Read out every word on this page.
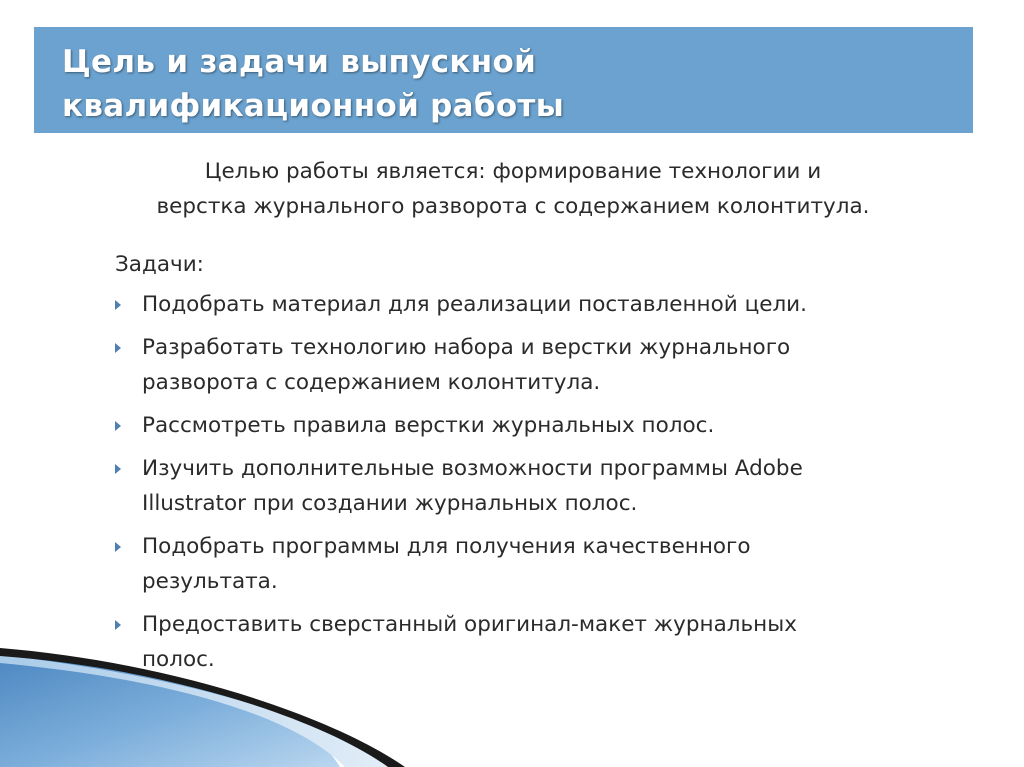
Цель и задачи выпускной
квалификационной работы
Целью работы является: формирование технологии и
верстка журнального разворота с содержанием колонтитула.
Задачи:
Подобрать материал для реализации поставленной цели.
Разработать технологию набора и верстки журнального
разворота с содержанием колонтитула.
Рассмотреть правила верстки журнальных полос.
Изучить дополнительные возможности программы Adobe
Illustrator при создании журнальных полос.
Подобрать программы для получения качественного
результата.
Предоставить сверстанный оригинал-макет журнальных
полос.
